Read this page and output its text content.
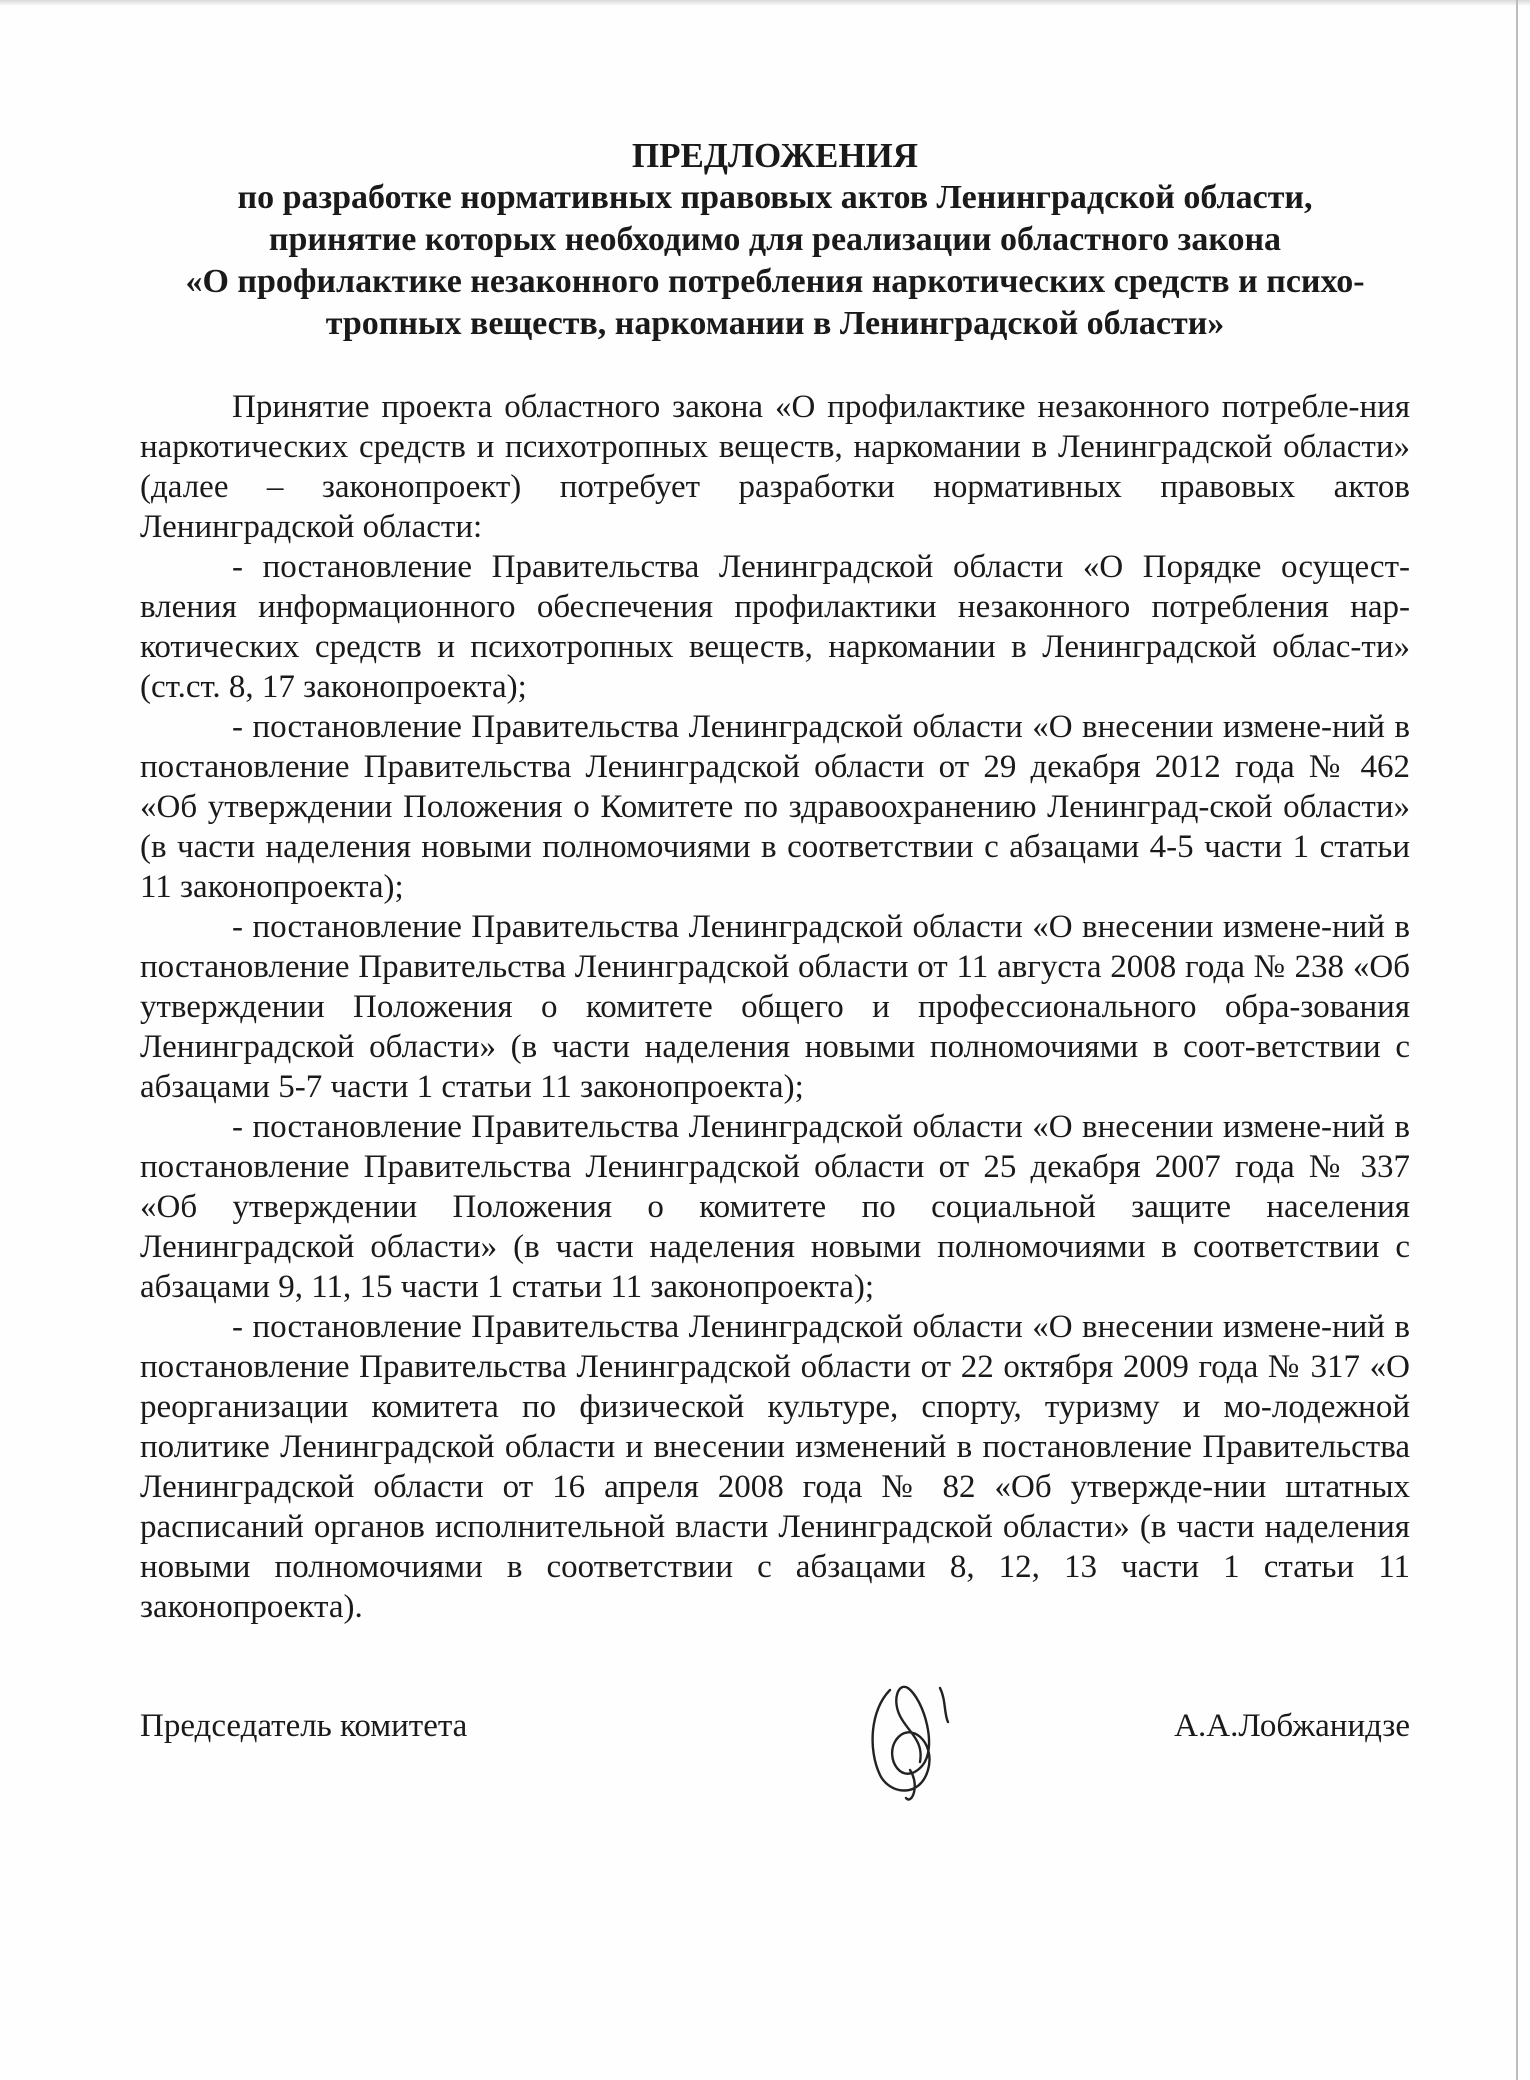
ПРЕДЛОЖЕНИЯ
по разработке нормативных правовых актов Ленинградской области,
принятие которых необходимо для реализации областного закона
«О профилактике незаконного потребления наркотических средств и психо-
тропных веществ, наркомании в Ленинградской области»

Принятие проекта областного закона «О профилактике незаконного потребле-ния наркотических средств и психотропных веществ, наркомании в Ленинградской области» (далее – законопроект) потребует разработки нормативных правовых актов Ленинградской области:

- постановление Правительства Ленинградской области «О Порядке осущест-вления информационного обеспечения профилактики незаконного потребления нар-котических средств и психотропных веществ, наркомании в Ленинградской облас-ти» (ст.ст. 8, 17 законопроекта);

- постановление Правительства Ленинградской области «О внесении измене-ний в постановление Правительства Ленинградской области от 29 декабря 2012 года № 462 «Об утверждении Положения о Комитете по здравоохранению Ленинград-ской области» (в части наделения новыми полномочиями в соответствии с абзацами 4-5 части 1 статьи 11 законопроекта);

- постановление Правительства Ленинградской области «О внесении измене-ний в постановление Правительства Ленинградской области от 11 августа 2008 года № 238 «Об утверждении Положения о комитете общего и профессионального обра-зования Ленинградской области» (в части наделения новыми полномочиями в соот-ветствии с абзацами 5-7 части 1 статьи 11 законопроекта);

- постановление Правительства Ленинградской области «О внесении измене-ний в постановление Правительства Ленинградской области от 25 декабря 2007 года № 337 «Об утверждении Положения о комитете по социальной защите населения Ленинградской области» (в части наделения новыми полномочиями в соответствии с абзацами 9, 11, 15 части 1 статьи 11 законопроекта);

- постановление Правительства Ленинградской области «О внесении измене-ний в постановление Правительства Ленинградской области от 22 октября 2009 года № 317 «О реорганизации комитета по физической культуре, спорту, туризму и мо-лодежной политике Ленинградской области и внесении изменений в постановление Правительства Ленинградской области от 16 апреля 2008 года № 82 «Об утвержде-нии штатных расписаний органов исполнительной власти Ленинградской области» (в части наделения новыми полномочиями в соответствии с абзацами 8, 12, 13 части 1 статьи 11 законопроекта).

Председатель комитета	А.А.Лобжанидзе
